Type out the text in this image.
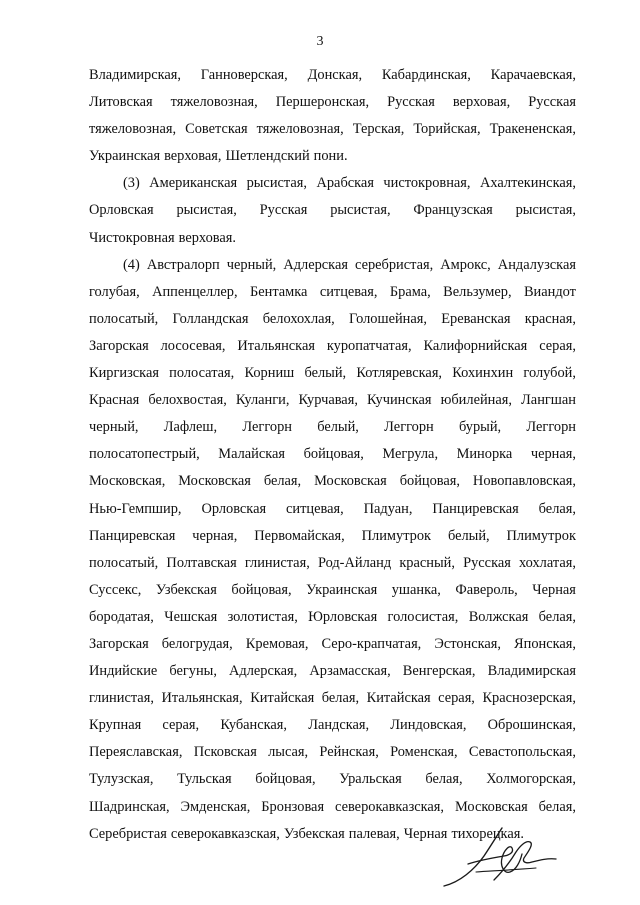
3
Владимирская, Ганноверская, Донская, Кабардинская, Карачаевская,
Литовская тяжеловозная, Першеронская, Русская верховая, Русская
тяжеловозная, Советская тяжеловозная, Терская, Торийская, Тракененская,
Украинская верховая, Шетлендский пони.
(3) Американская рысистая, Арабская чистокровная, Ахалтекинская,
Орловская рысистая, Русская рысистая, Французская рысистая,
Чистокровная верховая.
(4) Австралорп черный, Адлерская серебристая, Амрокс, Андалузская
голубая, Аппенцеллер, Бентамка ситцевая, Брама, Вельзумер, Виандот
полосатый, Голландская белохохлая, Голошейная, Ереванская красная,
Загорская лососевая, Итальянская куропатчатая, Калифорнийская серая,
Киргизская полосатая, Корниш белый, Котляревская, Кохинхин голубой,
Красная белохвостая, Куланги, Курчавая, Кучинская юбилейная, Лангшан
черный, Лафлеш, Леггорн белый, Леггорн бурый, Леггорн
полосатопестрый, Малайская бойцовая, Мегрула, Минорка черная,
Московская, Московская белая, Московская бойцовая, Новопавловская,
Нью-Гемпшир, Орловская ситцевая, Падуан, Панциревская белая,
Панциревская черная, Первомайская, Плимутрок белый, Плимутрок
полосатый, Полтавская глинистая, Род-Айланд красный, Русская хохлатая,
Суссекс, Узбекская бойцовая, Украинская ушанка, Фавероль, Черная
бородатая, Чешская золотистая, Юрловская голосистая, Волжская белая,
Загорская белогрудая, Кремовая, Серо-крапчатая, Эстонская, Японская,
Индийские бегуны, Адлерская, Арзамасская, Венгерская, Владимирская
глинистая, Итальянская, Китайская белая, Китайская серая, Краснозерская,
Крупная серая, Кубанская, Ландская, Линдовская, Оброшинская,
Переяславская, Псковская лысая, Рейнская, Роменская, Севастопольская,
Тулузская, Тульская бойцовая, Уральская белая, Холмогорская,
Шадринская, Эмденская, Бронзовая северокавказская, Московская белая,
Серебристая северокавказская, Узбекская палевая, Черная тихорецкая.
